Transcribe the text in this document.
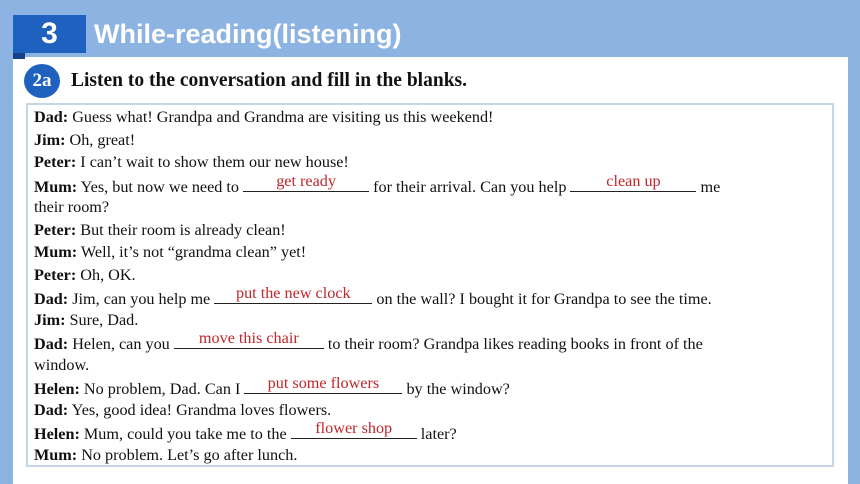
3 While-reading(listening)
2a	Listen to the conversation and fill in the blanks.
Dad: Guess what! Grandpa and Grandma are visiting us this weekend!
Jim: Oh, great!
Peter: I can’t wait to show them our new house!
Mum: Yes, but now we need to	get ready	for their arrival. Can you help	clean up	me
their room?
Peter: But their room is already clean!
Mum: Well, it’s not “grandma clean” yet!
Peter: Oh, OK.
Dad: Jim, can you help me	put the new clock	on the wall? I bought it for Grandpa to see the time.
Jim: Sure, Dad.
Dad: Helen, can you	move this chair	to their room? Grandpa likes reading books in front of the
window.
Helen: No problem, Dad. Can I	put some flowers	by the window?
Dad: Yes, good idea! Grandma loves flowers.
Helen: Mum, could you take me to the	flower shop	later?
Mum: No problem. Let’s go after lunch.
